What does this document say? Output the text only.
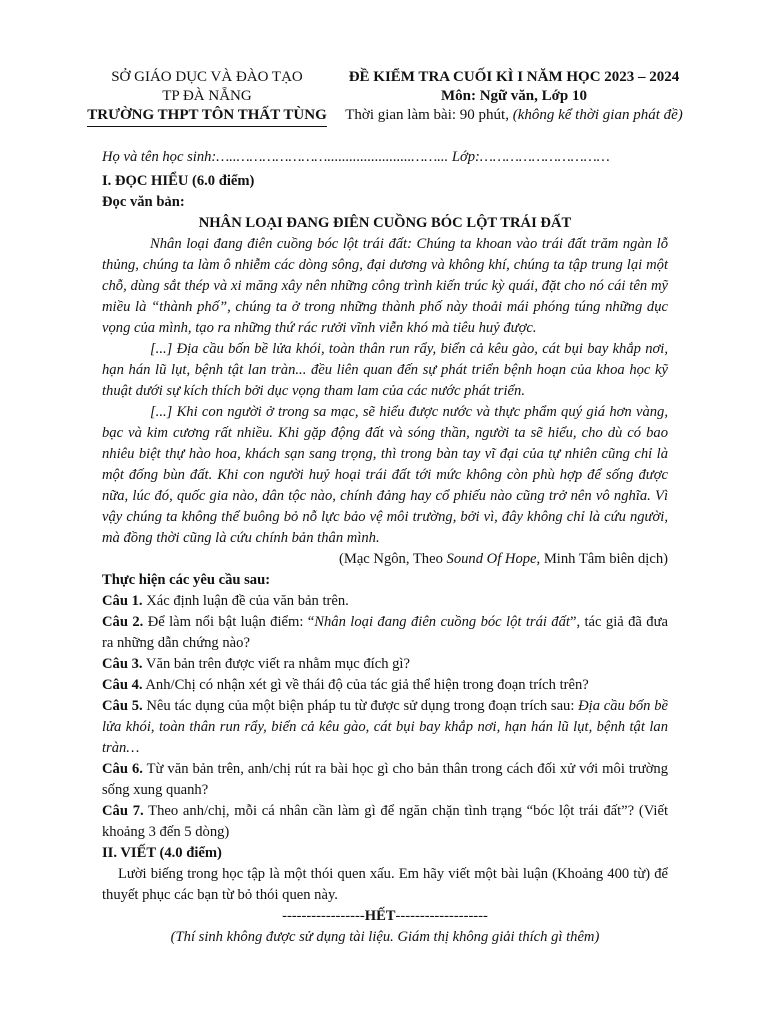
SỞ GIÁO DỤC VÀ ĐÀO TẠO
TP ĐÀ NẴNG
TRƯỜNG THPT TÔN THẤT TÙNG
ĐỀ KIỂM TRA CUỐI KÌ I NĂM HỌC 2023 – 2024
Môn: Ngữ văn, Lớp 10
Thời gian làm bài: 90 phút, (không kể thời gian phát đề)

Họ và tên học sinh:…..………………….......................……... Lớp:…………………………

I. ĐỌC HIỂU (6.0 điểm)

Đọc văn bản:

NHÂN LOẠI ĐANG ĐIÊN CUỒNG BÓC LỘT TRÁI ĐẤT

Nhân loại đang điên cuồng bóc lột trái đất: Chúng ta khoan vào trái đất trăm ngàn lỗ thủng, chúng ta làm ô nhiễm các dòng sông, đại dương và không khí, chúng ta tập trung lại một chỗ, dùng sắt thép và xi măng xây nên những công trình kiến trúc kỳ quái, đặt cho nó cái tên mỹ miều là “thành phố”, chúng ta ở trong những thành phố này thoải mái phóng túng những dục vọng của mình, tạo ra những thứ rác rưởi vĩnh viễn khó mà tiêu huỷ được.

[...] Địa cầu bốn bề lửa khói, toàn thân run rẩy, biển cả kêu gào, cát bụi bay khắp nơi, hạn hán lũ lụt, bệnh tật lan tràn... đều liên quan đến sự phát triển bệnh hoạn của khoa học kỹ thuật dưới sự kích thích bởi dục vọng tham lam của các nước phát triển.

[...] Khi con người ở trong sa mạc, sẽ hiểu được nước và thực phẩm quý giá hơn vàng, bạc và kim cương rất nhiều. Khi gặp động đất và sóng thần, người ta sẽ hiểu, cho dù có bao nhiêu biệt thự hào hoa, khách sạn sang trọng, thì trong bàn tay vĩ đại của tự nhiên cũng chỉ là một đống bùn đất. Khi con người huỷ hoại trái đất tới mức không còn phù hợp để sống được nữa, lúc đó, quốc gia nào, dân tộc nào, chính đảng hay cổ phiếu nào cũng trở nên vô nghĩa. Vì vậy chúng ta không thể buông bỏ nỗ lực bảo vệ môi trường, bởi vì, đây không chỉ là cứu người, mà đồng thời cũng là cứu chính bản thân mình.

(Mạc Ngôn, Theo Sound Of Hope, Minh Tâm biên dịch)

Thực hiện các yêu cầu sau:

Câu 1. Xác định luận đề của văn bản trên.

Câu 2. Để làm nổi bật luận điểm: “Nhân loại đang điên cuồng bóc lột trái đất”, tác giả đã đưa ra những dẫn chứng nào?

Câu 3. Văn bản trên được viết ra nhằm mục đích gì?

Câu 4. Anh/Chị có nhận xét gì về thái độ của tác giả thể hiện trong đoạn trích trên?

Câu 5. Nêu tác dụng của một biện pháp tu từ được sử dụng trong đoạn trích sau: Địa cầu bốn bề lửa khói, toàn thân run rẩy, biển cả kêu gào, cát bụi bay khắp nơi, hạn hán lũ lụt, bệnh tật lan tràn…

Câu 6. Từ văn bản trên, anh/chị rút ra bài học gì cho bản thân trong cách đối xử với môi trường sống xung quanh?

Câu 7. Theo anh/chị, mỗi cá nhân cần làm gì để ngăn chặn tình trạng “bóc lột trái đất”? (Viết khoảng 3 đến 5 dòng)

II. VIẾT (4.0 điểm)

Lười biếng trong học tập là một thói quen xấu. Em hãy viết một bài luận (Khoảng 400 từ) để thuyết phục các bạn từ bỏ thói quen này.

-----------------HẾT-------------------

(Thí sinh không được sử dụng tài liệu. Giám thị không giải thích gì thêm)
